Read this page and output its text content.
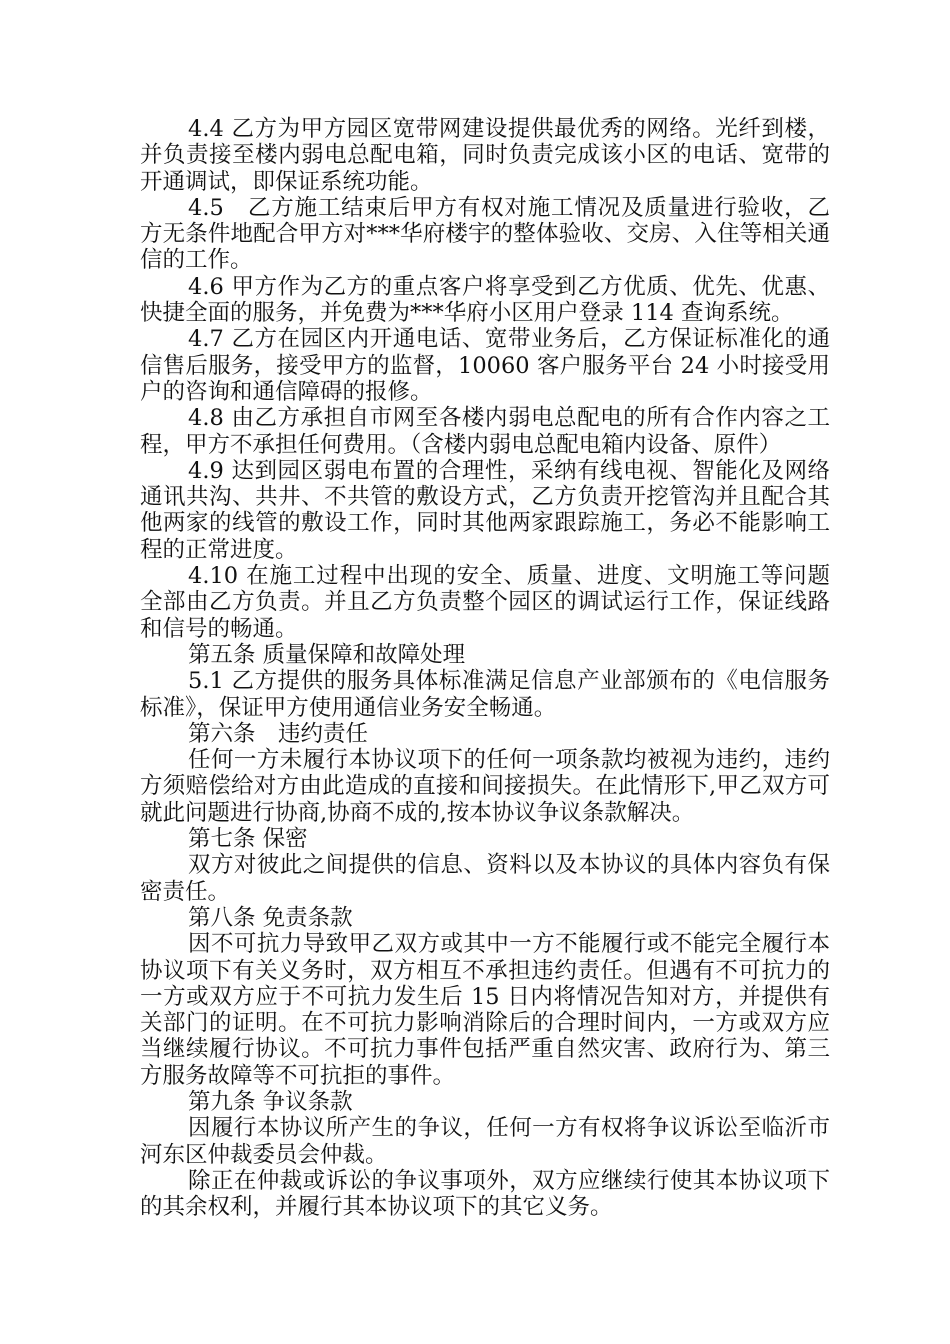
4.4 乙方为甲方园区宽带网建设提供最优秀的网络。光纤到楼，并负责接至楼内弱电总配电箱，同时负责完成该小区的电话、宽带的开通调试，即保证系统功能。

4.5　乙方施工结束后甲方有权对施工情况及质量进行验收，乙方无条件地配合甲方对***华府楼宇的整体验收、交房、入住等相关通信的工作。

4.6 甲方作为乙方的重点客户将享受到乙方优质、优先、优惠、快捷全面的服务，并免费为***华府小区用户登录 114 查询系统。

4.7 乙方在园区内开通电话、宽带业务后，乙方保证标准化的通信售后服务，接受甲方的监督，10060 客户服务平台 24 小时接受用户的咨询和通信障碍的报修。

4.8 由乙方承担自市网至各楼内弱电总配电的所有合作内容之工程，甲方不承担任何费用。（含楼内弱电总配电箱内设备、原件）

4.9 达到园区弱电布置的合理性，采纳有线电视、智能化及网络通讯共沟、共井、不共管的敷设方式，乙方负责开挖管沟并且配合其他两家的线管的敷设工作，同时其他两家跟踪施工，务必不能影响工程的正常进度。

4.10 在施工过程中出现的安全、质量、进度、文明施工等问题全部由乙方负责。并且乙方负责整个园区的调试运行工作，保证线路和信号的畅通。

第五条 质量保障和故障处理

5.1 乙方提供的服务具体标准满足信息产业部颁布的《电信服务标准》，保证甲方使用通信业务安全畅通。

第六条　违约责任

任何一方未履行本协议项下的任何一项条款均被视为违约，违约方须赔偿给对方由此造成的直接和间接损失。在此情形下,甲乙双方可就此问题进行协商,协商不成的,按本协议争议条款解决。

第七条 保密

双方对彼此之间提供的信息、资料以及本协议的具体内容负有保密责任。

第八条 免责条款

因不可抗力导致甲乙双方或其中一方不能履行或不能完全履行本协议项下有关义务时，双方相互不承担违约责任。但遇有不可抗力的一方或双方应于不可抗力发生后 15 日内将情况告知对方，并提供有关部门的证明。在不可抗力影响消除后的合理时间内，一方或双方应当继续履行协议。不可抗力事件包括严重自然灾害、政府行为、第三方服务故障等不可抗拒的事件。

第九条 争议条款

因履行本协议所产生的争议，任何一方有权将争议诉讼至临沂市河东区仲裁委员会仲裁。

除正在仲裁或诉讼的争议事项外，双方应继续行使其本协议项下的其余权利，并履行其本协议项下的其它义务。
